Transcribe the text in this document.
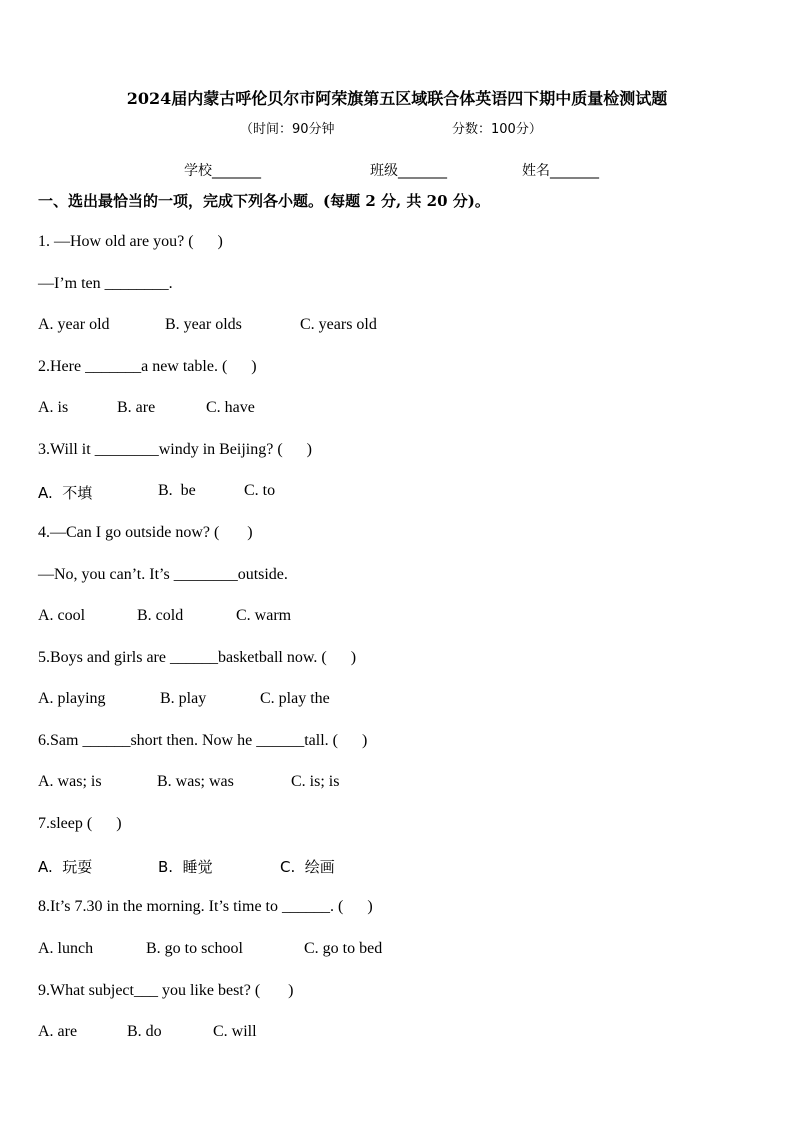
2024届内蒙古呼伦贝尔市阿荣旗第五区域联合体英语四下期中质量检测试题
（时间：90分钟	分数：100分）
学校_______	班级_______	姓名_______
一、选出最恰当的一项，完成下列各小题。(每题 2 分, 共 20 分)。
1. —How old are you? (      )
—I’m ten ________.
A. year old	B. year olds	C. years old
2.Here _______a new table. (      )
A. is	B. are	C. have
3.Will it ________windy in Beijing? (      )
A.  不填	B.  be	C. to
4.—Can I go outside now? (       )
—No, you can’t. It’s ________outside.
A. cool	B. cold	C. warm
5.Boys and girls are ______basketball now. (      )
A. playing	B. play	C. play the
6.Sam ______short then. Now he ______tall. (      )
A. was; is	B. was; was	C. is; is
7.sleep (      )
A.  玩耍	B.  睡觉	C.  绘画
8.It’s 7.30 in the morning. It’s time to ______. (      )
A. lunch	B. go to school	C. go to bed
9.What subject___ you like best? (       )
A. are	B. do	C. will
